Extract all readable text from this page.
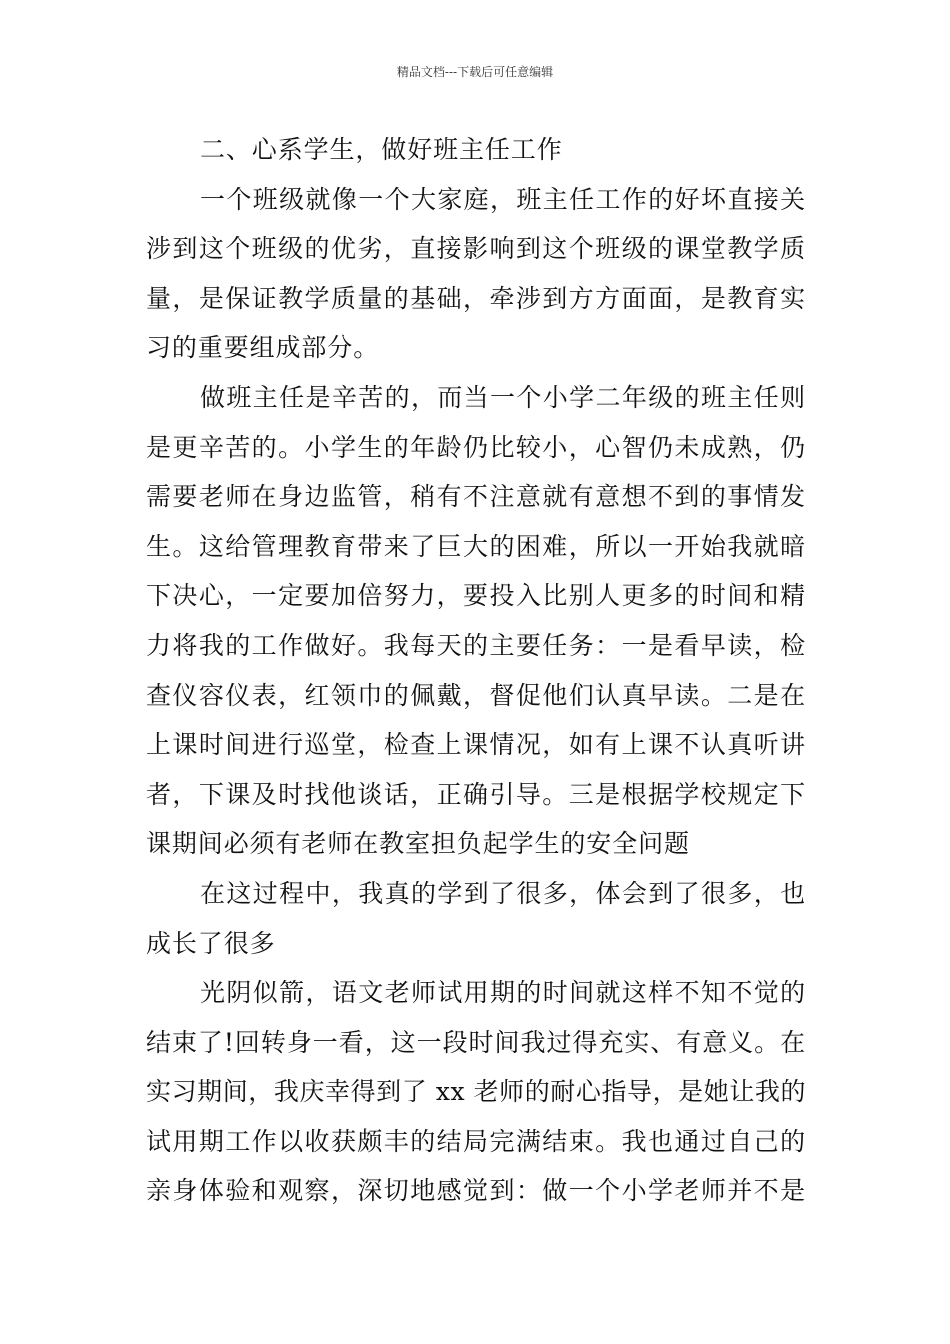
精品文档---下载后可任意编辑
二、心系学生，做好班主任工作
一个班级就像一个大家庭，班主任工作的好坏直接关
涉到这个班级的优劣，直接影响到这个班级的课堂教学质
量，是保证教学质量的基础，牵涉到方方面面，是教育实
习的重要组成部分。
做班主任是辛苦的，而当一个小学二年级的班主任则
是更辛苦的。小学生的年龄仍比较小，心智仍未成熟，仍
需要老师在身边监管，稍有不注意就有意想不到的事情发
生。这给管理教育带来了巨大的困难，所以一开始我就暗
下决心，一定要加倍努力，要投入比别人更多的时间和精
力将我的工作做好。我每天的主要任务：一是看早读，检
查仪容仪表，红领巾的佩戴，督促他们认真早读。二是在
上课时间进行巡堂，检查上课情况，如有上课不认真听讲
者，下课及时找他谈话，正确引导。三是根据学校规定下
课期间必须有老师在教室担负起学生的安全问题
在这过程中，我真的学到了很多，体会到了很多，也
成长了很多
光阴似箭，语文老师试用期的时间就这样不知不觉的
结束了!回转身一看，这一段时间我过得充实、有意义。在
实习期间，我庆幸得到了 xx 老师的耐心指导，是她让我的
试用期工作以收获颇丰的结局完满结束。我也通过自己的
亲身体验和观察，深切地感觉到：做一个小学老师并不是
